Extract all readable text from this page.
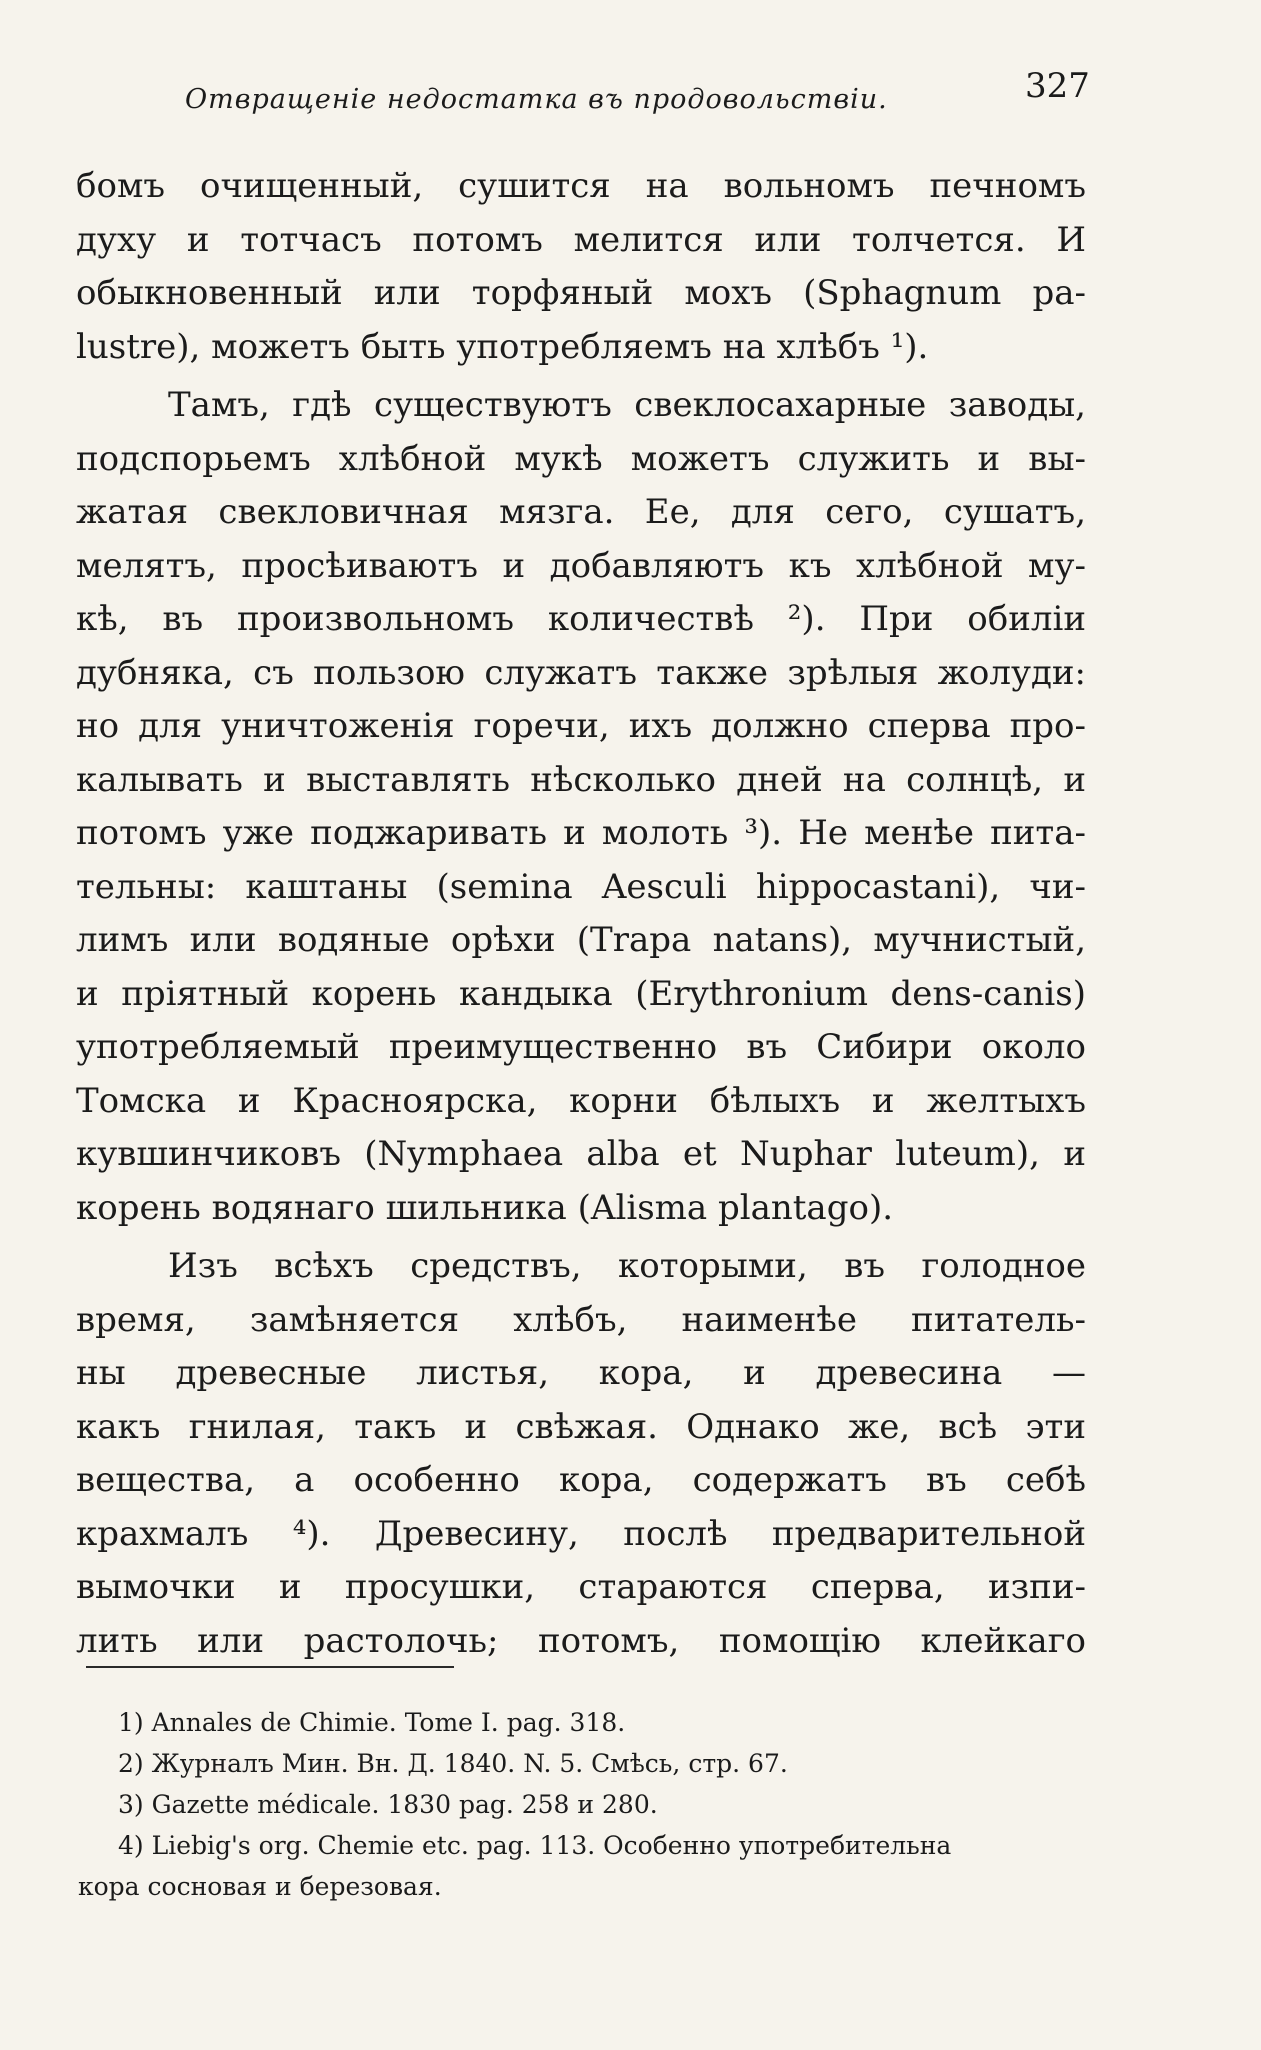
Отвращеніе недостатка въ продовольствіи.	327
бомъ очищенный, сушится на вольномъ печномъ
духу и тотчасъ потомъ мелится или толчется. И
обыкновенный или торфяный мохъ (Sphagnum pa-
lustre), можетъ быть употребляемъ на хлѣбъ ¹).
Тамъ, гдѣ существуютъ свеклосахарные заводы,
подспорьемъ хлѣбной мукѣ можетъ служить и вы-
жатая свекловичная мязга. Ее, для сего, сушатъ,
мелятъ, просѣиваютъ и добавляютъ къ хлѣбной му-
кѣ, въ произвольномъ количествѣ ²). При обиліи
дубняка, съ пользою служатъ также зрѣлыя жолуди:
но для уничтоженія горечи, ихъ должно сперва про-
калывать и выставлять нѣсколько дней на солнцѣ, и
потомъ уже поджаривать и молоть ³). Не менѣе пита-
тельны: каштаны (semina Aesculi hippocastani), чи-
лимъ или водяные орѣхи (Trapa natans), мучнистый,
и пріятный корень кандыка (Erythronium dens-canis)
употребляемый преимущественно въ Сибири около
Томска и Красноярска, корни бѣлыхъ и желтыхъ
кувшинчиковъ (Nymphaea alba et Nuphar luteum), и
корень водянаго шильника (Alisma plantago).
Изъ всѣхъ средствъ, которыми, въ голодное
время, замѣняется хлѣбъ, наименѣе питатель-
ны древесные листья, кора, и древесина —
какъ гнилая, такъ и свѣжая. Однако же, всѣ эти
вещества, а особенно кора, содержатъ въ себѣ
крахмалъ ⁴). Древесину, послѣ предварительной
вымочки и просушки, стараются сперва, изпи-
лить или растолочь; потомъ, помощію клейкаго
1) Annales de Chimie. Tome I. pag. 318.
2) Журналъ Мин. Вн. Д. 1840. N. 5. Смѣсь, стр. 67.
3) Gazette médicale. 1830 pag. 258 и 280.
4) Liebig's org. Chemie etc. pag. 113. Особенно употребительна
кора сосновая и березовая.
